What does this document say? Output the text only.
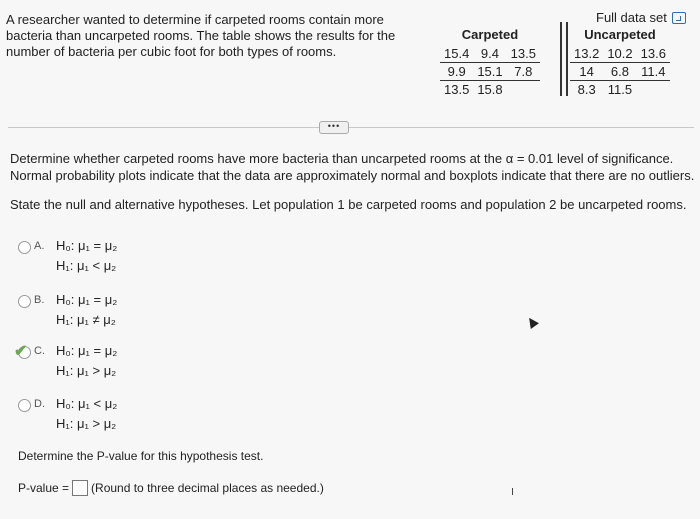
A researcher wanted to determine if carpeted rooms contain more bacteria than uncarpeted rooms. The table shows the results for the number of bacteria per cubic foot for both types of rooms.
Full data set
Carpeted		
15.4	9.4	13.5
9.9	15.1	7.8
13.5	15.8	
Uncarpeted		
13.2	10.2	13.6
14	6.8	11.4
8.3	11.5	
•••
Determine whether carpeted rooms have more bacteria than uncarpeted rooms at the α = 0.01 level of significance.
Normal probability plots indicate that the data are approximately normal and boxplots indicate that there are no outliers.
State the null and alternative hypotheses. Let population 1 be carpeted rooms and population 2 be uncarpeted rooms.
A. H₀: μ₁ = μ₂
H₁: μ₁ < μ₂
B. H₀: μ₁ = μ₂
H₁: μ₁ ≠ μ₂
✔ C. H₀: μ₁ = μ₂
H₁: μ₁ > μ₂
D. H₀: μ₁ < μ₂
H₁: μ₁ > μ₂
Determine the P-value for this hypothesis test.
P-value = (Round to three decimal places as needed.)
